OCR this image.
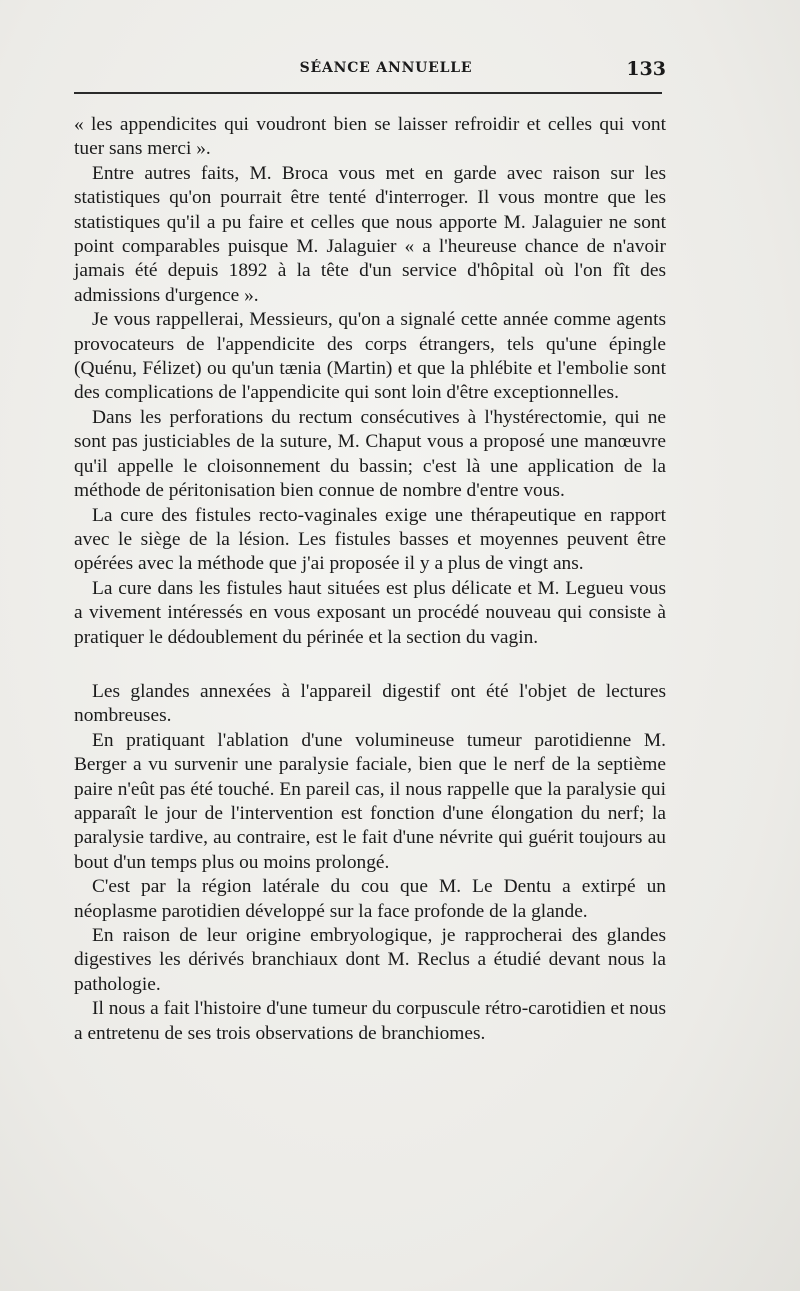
SÉANCE ANNUELLE	133

« les appendicites qui voudront bien se laisser refroidir et celles qui vont tuer sans merci ».

Entre autres faits, M. Broca vous met en garde avec raison sur les statistiques qu'on pourrait être tenté d'interroger. Il vous montre que les statistiques qu'il a pu faire et celles que nous apporte M. Jalaguier ne sont point comparables puisque M. Jalaguier « a l'heureuse chance de n'avoir jamais été depuis 1892 à la tête d'un service d'hôpital où l'on fît des admissions d'urgence ».

Je vous rappellerai, Messieurs, qu'on a signalé cette année comme agents provocateurs de l'appendicite des corps étrangers, tels qu'une épingle (Quénu, Félizet) ou qu'un tænia (Martin) et que la phlébite et l'embolie sont des complications de l'appendicite qui sont loin d'être exceptionnelles.

Dans les perforations du rectum consécutives à l'hystérectomie, qui ne sont pas justiciables de la suture, M. Chaput vous a proposé une manœuvre qu'il appelle le cloisonnement du bassin; c'est là une application de la méthode de péritonisation bien connue de nombre d'entre vous.

La cure des fistules recto-vaginales exige une thérapeutique en rapport avec le siège de la lésion. Les fistules basses et moyennes peuvent être opérées avec la méthode que j'ai proposée il y a plus de vingt ans.

La cure dans les fistules haut situées est plus délicate et M. Legueu vous a vivement intéressés en vous exposant un procédé nouveau qui consiste à pratiquer le dédoublement du périnée et la section du vagin.

Les glandes annexées à l'appareil digestif ont été l'objet de lectures nombreuses.

En pratiquant l'ablation d'une volumineuse tumeur parotidienne M. Berger a vu survenir une paralysie faciale, bien que le nerf de la septième paire n'eût pas été touché. En pareil cas, il nous rappelle que la paralysie qui apparaît le jour de l'intervention est fonction d'une élongation du nerf; la paralysie tardive, au contraire, est le fait d'une névrite qui guérit toujours au bout d'un temps plus ou moins prolongé.

C'est par la région latérale du cou que M. Le Dentu a extirpé un néoplasme parotidien développé sur la face profonde de la glande.

En raison de leur origine embryologique, je rapprocherai des glandes digestives les dérivés branchiaux dont M. Reclus a étudié devant nous la pathologie.

Il nous a fait l'histoire d'une tumeur du corpuscule rétro-carotidien et nous a entretenu de ses trois observations de branchiomes.
